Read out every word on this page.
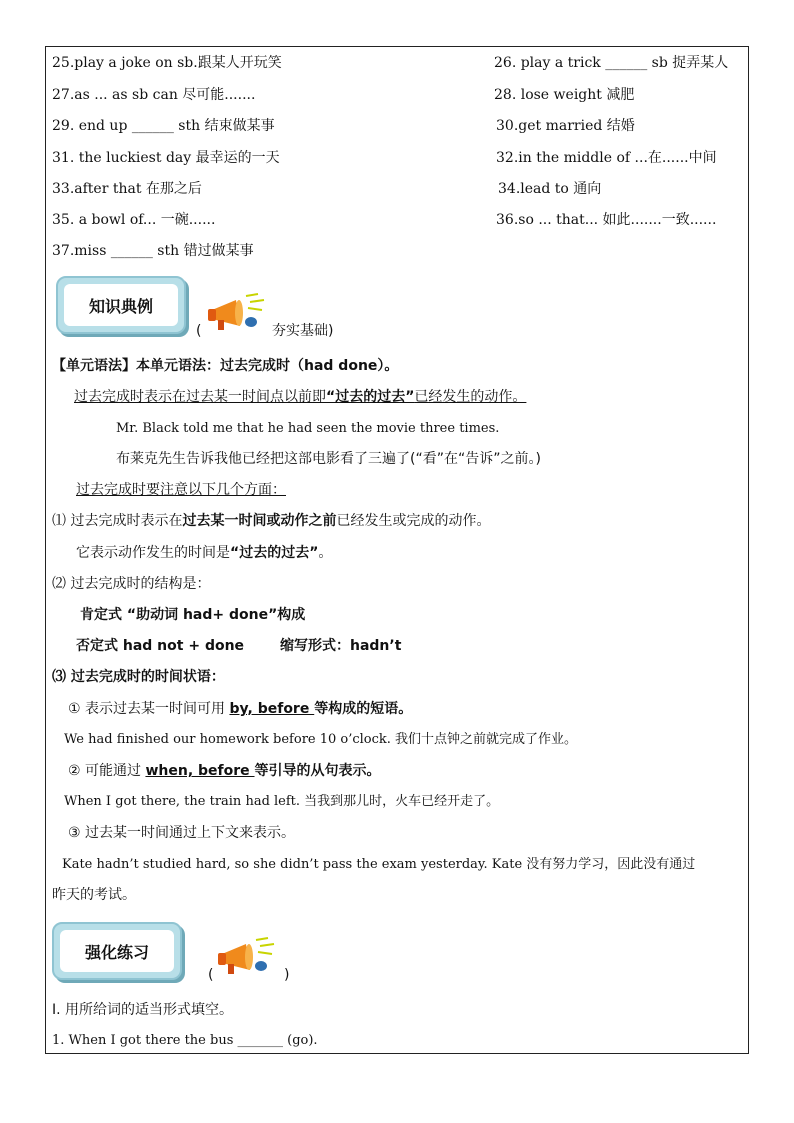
25.play a joke on sb.跟某人开玩笑	26. play a trick ______ sb 捉弄某人
27.as ... as sb can 尽可能.......	28. lose weight 减肥
29. end up ______ sth 结束做某事	30.get married 结婚
31. the luckiest day 最幸运的一天	32.in the middle of ...在......中间
33.after that 在那之后	34.lead to 通向
35. a bowl of... 一碗......	36.so ... that... 如此.......一致......
37.miss ______ sth 错过做某事
知识典例
(	夯实基础)
【单元语法】本单元语法：过去完成时（had done）。
过去完成时表示在过去某一时间点以前即“过去的过去”已经发生的动作。
Mr. Black told me that he had seen the movie three times.
布莱克先生告诉我他已经把这部电影看了三遍了(“看”在“告诉”之前。)
过去完成时要注意以下几个方面：
⑴ 过去完成时表示在过去某一时间或动作之前已经发生或完成的动作。
它表示动作发生的时间是“过去的过去”。
⑵ 过去完成时的结构是：
肯定式 “助动词 had+ done”构成
否定式 had not + done	缩写形式：hadn’t
⑶ 过去完成时的时间状语：
① 表示过去某一时间可用 by, before 等构成的短语。
We had finished our homework before 10 o’clock. 我们十点钟之前就完成了作业。
② 可能通过 when, before 等引导的从句表示。
When I got there, the train had left. 当我到那儿时，火车已经开走了。
③ 过去某一时间通过上下文来表示。
Kate hadn’t studied hard, so she didn’t pass the exam yesterday. Kate 没有努力学习，因此没有通过
昨天的考试。
强化练习
(	)
I. 用所给词的适当形式填空。
1. When I got there the bus _______ (go).
